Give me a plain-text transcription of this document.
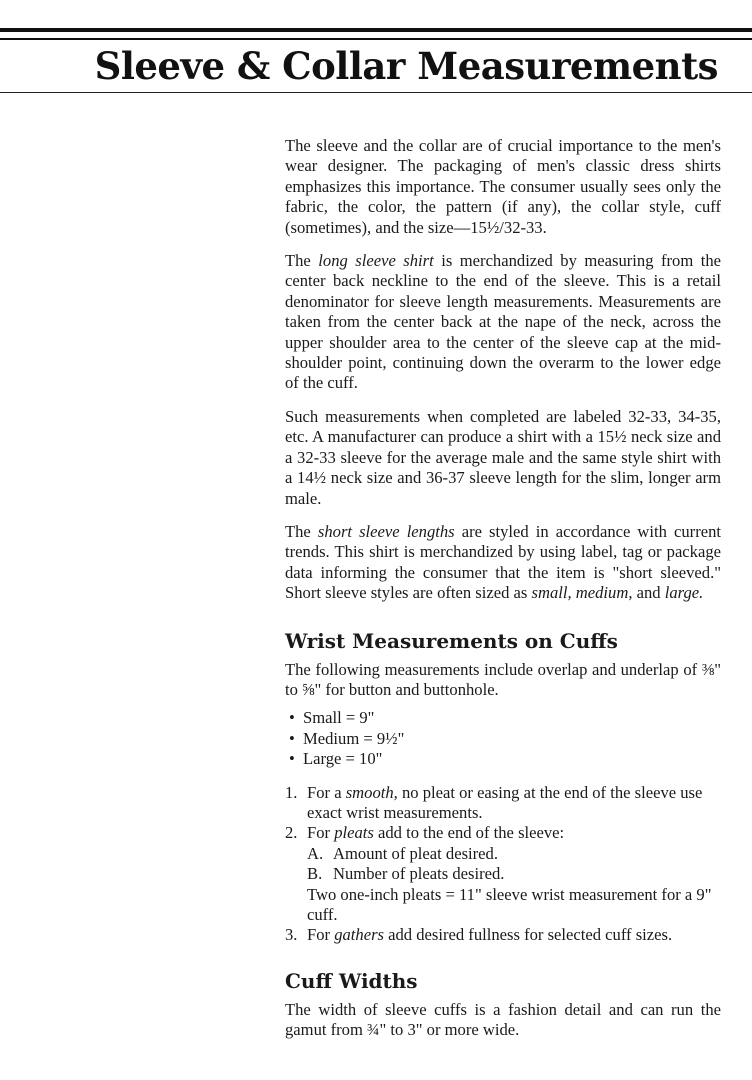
Sleeve & Collar Measurements

The sleeve and the collar are of crucial importance to the men's wear designer. The packaging of men's classic dress shirts emphasizes this importance. The consumer usually sees only the fabric, the color, the pattern (if any), the collar style, cuff (sometimes), and the size—15½/32-33.

The long sleeve shirt is merchandized by measuring from the center back neckline to the end of the sleeve. This is a retail denominator for sleeve length measurements. Measurements are taken from the center back at the nape of the neck, across the upper shoulder area to the center of the sleeve cap at the mid-shoulder point, continuing down the overarm to the lower edge of the cuff.

Such measurements when completed are labeled 32-33, 34-35, etc. A manufacturer can produce a shirt with a 15½ neck size and a 32-33 sleeve for the average male and the same style shirt with a 14½ neck size and 36-37 sleeve length for the slim, longer arm male.

The short sleeve lengths are styled in accordance with current trends. This shirt is merchandized by using label, tag or package data informing the consumer that the item is "short sleeved." Short sleeve styles are often sized as small, medium, and large.

Wrist Measurements on Cuffs

The following measurements include overlap and underlap of ⅜" to ⅝" for button and buttonhole.

• Small = 9"
• Medium = 9½"
• Large = 10"
1. For a smooth, no pleat or easing at the end of the sleeve use exact wrist measurements.
2. For pleats add to the end of the sleeve:
A. Amount of pleat desired.
B. Number of pleats desired.
Two one-inch pleats = 11" sleeve wrist measurement for a 9" cuff.
3. For gathers add desired fullness for selected cuff sizes.
Cuff Widths

The width of sleeve cuffs is a fashion detail and can run the gamut from ¾" to 3" or more wide.
